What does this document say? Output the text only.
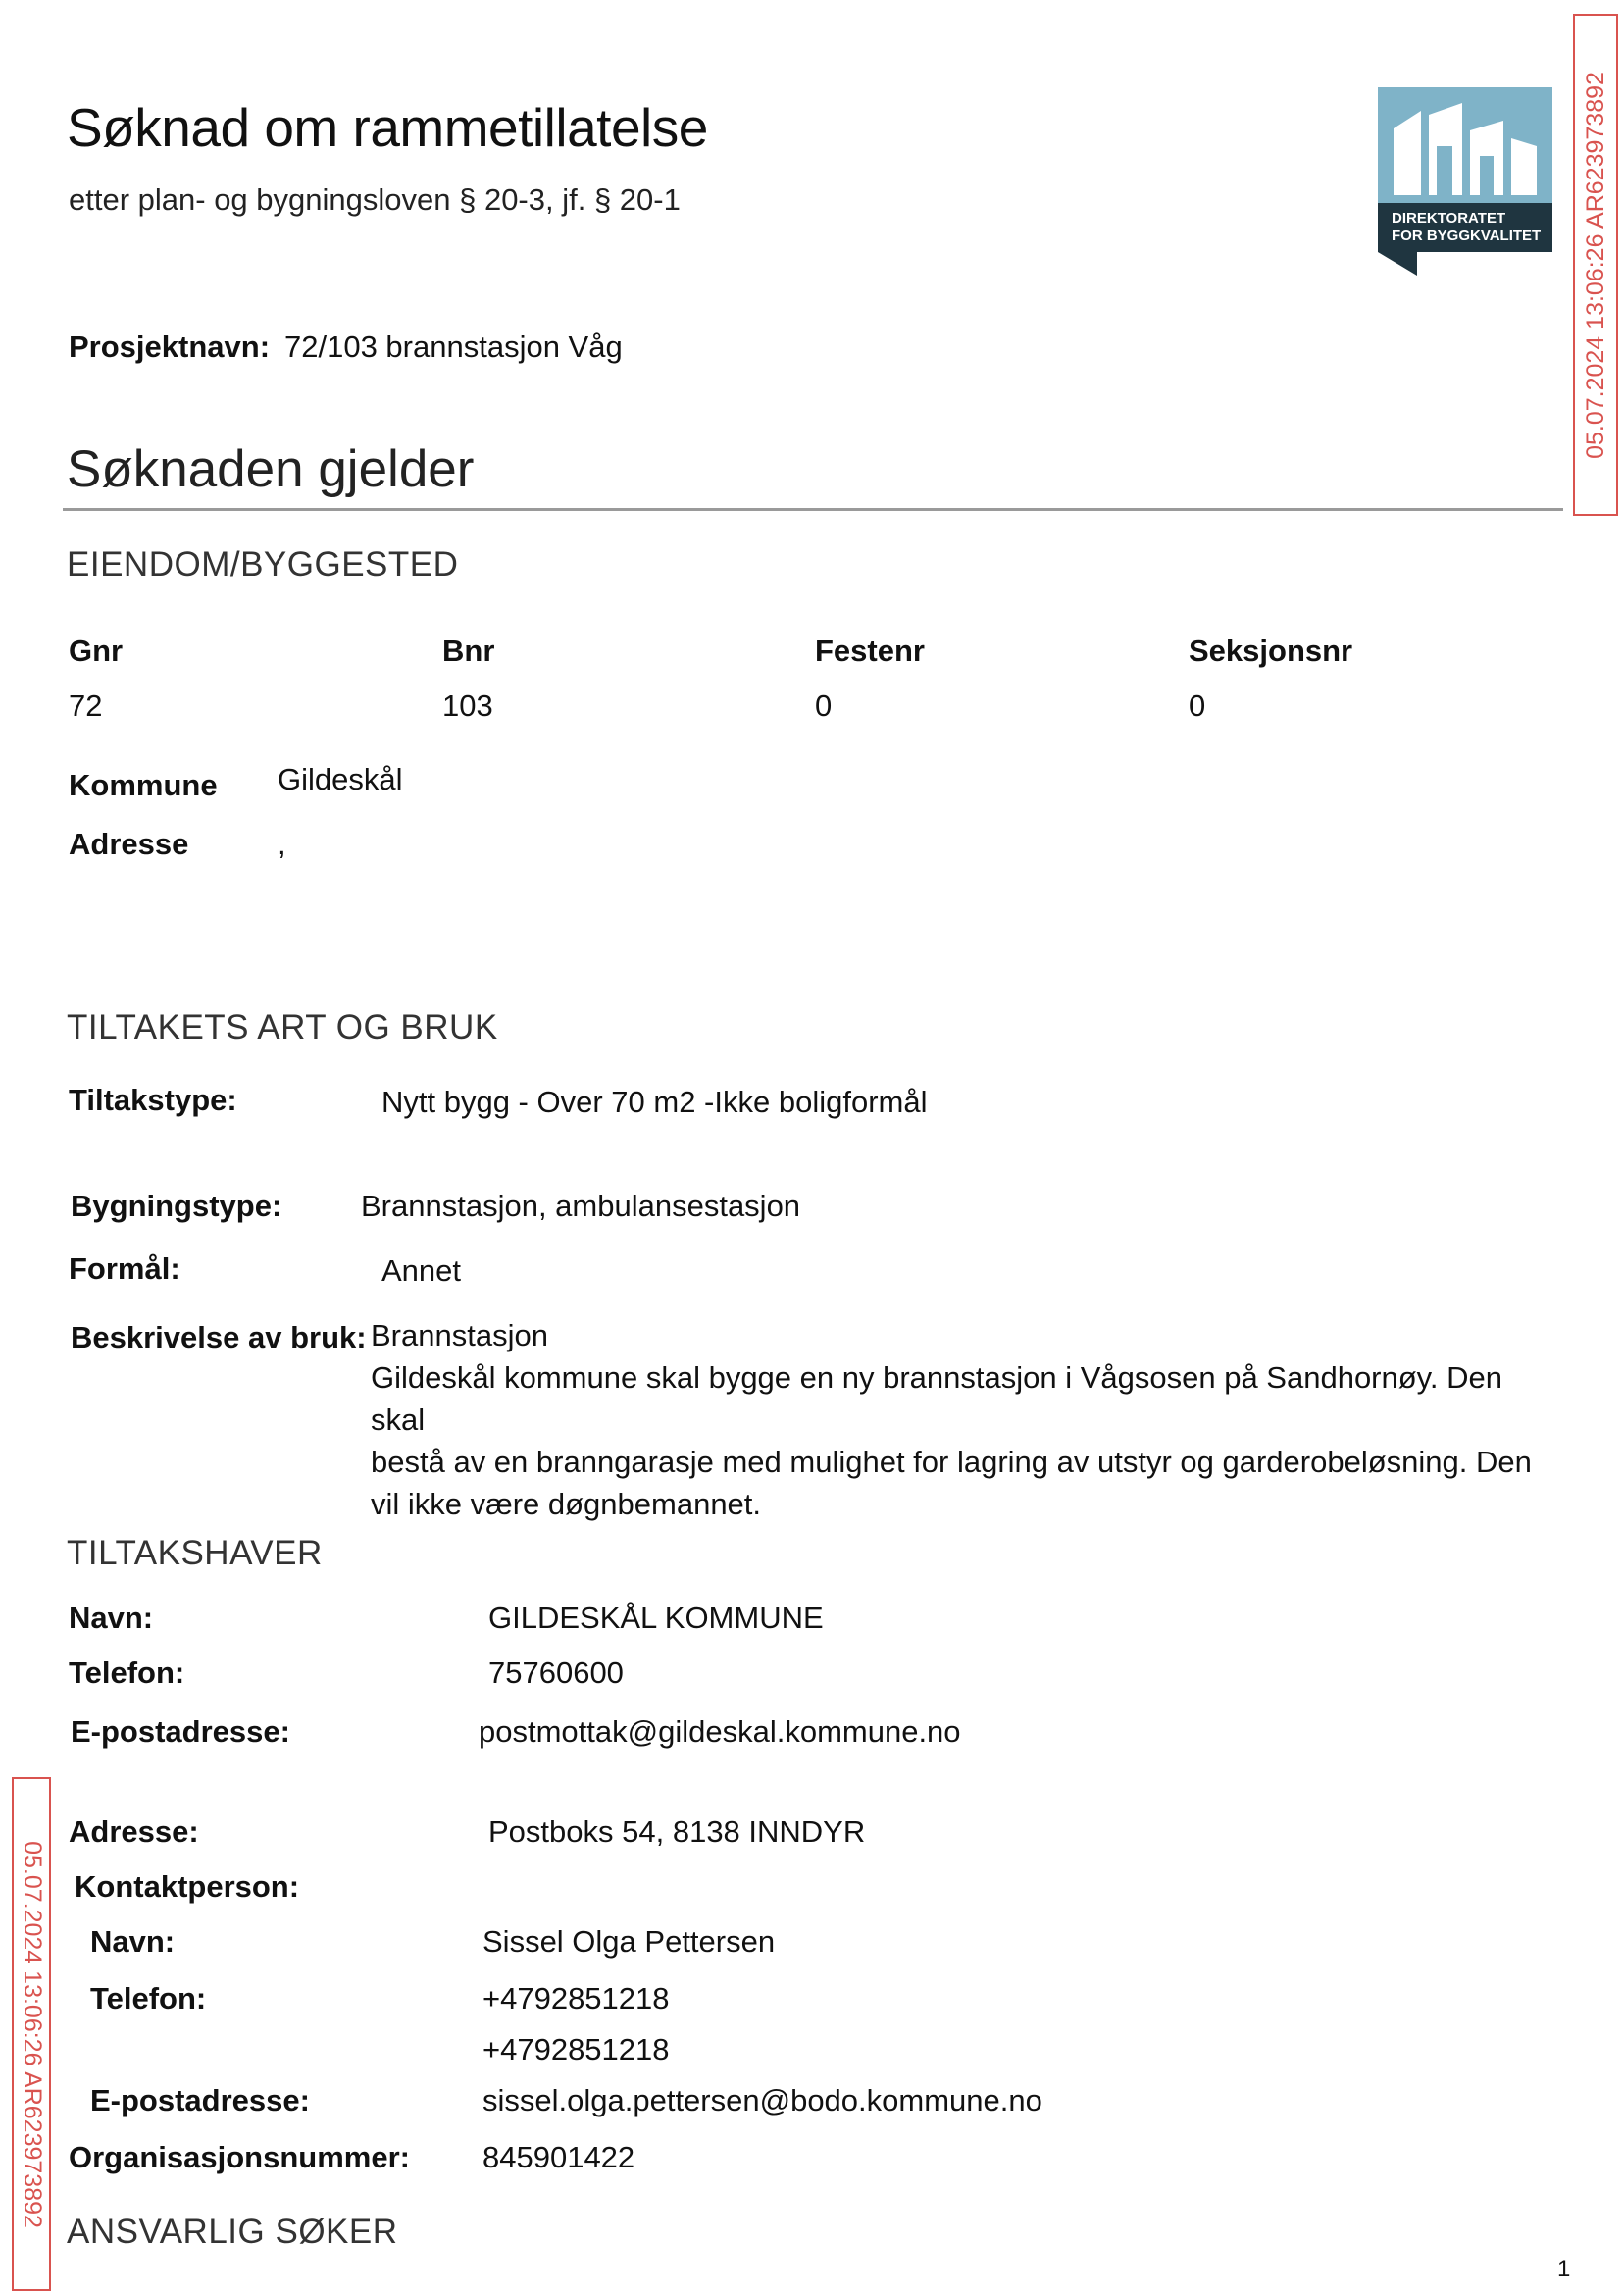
Søknad om rammetillatelse
etter plan- og bygningsloven § 20-3, jf. § 20-1
Prosjektnavn: 72/103 brannstasjon Våg
DIREKTORATET
FOR BYGGKVALITET 05.07.2024 13:06:26 AR623973892
05.07.2024 13:06:26 AR623973892
Søknaden gjelder
EIENDOM/BYGGESTED
Gnr	Bnr	Festenr	Seksjonsnr
72	103	0	0
Kommune Gildeskål
Adresse	,
TILTAKETS ART OG BRUK
Tiltakstype:	Nytt bygg - Over 70 m2 -Ikke boligformål
Bygningstype:	Brannstasjon, ambulansestasjon
Formål:	Annet
Beskrivelse av bruk: Brannstasjon
Gildeskål kommune skal bygge en ny brannstasjon i Vågsosen på Sandhornøy. Den skal
bestå av en branngarasje med mulighet for lagring av utstyr og garderobeløsning. Den
vil ikke være døgnbemannet.
TILTAKSHAVER
Navn:	GILDESKÅL KOMMUNE
Telefon:	75760600
E-postadresse:	postmottak@gildeskal.kommune.no
Adresse:	Postboks 54, 8138 INNDYR
Kontaktperson:
Navn:	Sissel Olga Pettersen
Telefon:	+4792851218
+4792851218
E-postadresse:	sissel.olga.pettersen@bodo.kommune.no
Organisasjonsnummer: 845901422
ANSVARLIG SØKER
1
